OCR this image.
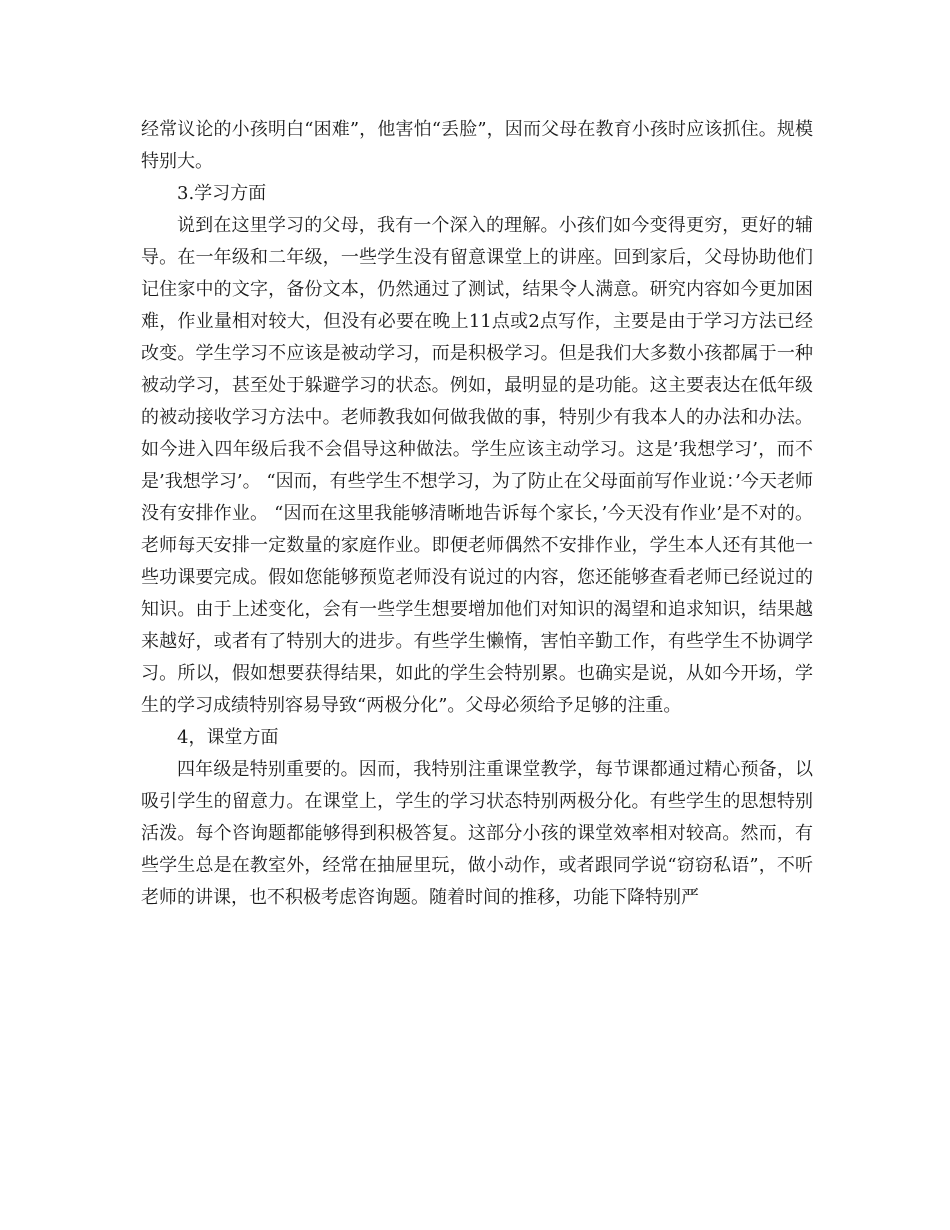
经常议论的小孩明白“困难”，他害怕“丢脸”，因而父母在教育小孩时应该抓住。规模特别大。

3.学习方面

说到在这里学习的父母，我有一个深入的理解。小孩们如今变得更穷，更好的辅导。在一年级和二年级，一些学生没有留意课堂上的讲座。回到家后，父母协助他们记住家中的文字，备份文本，仍然通过了测试，结果令人满意。研究内容如今更加困难，作业量相对较大，但没有必要在晚上11点或2点写作，主要是由于学习方法已经改变。学生学习不应该是被动学习，而是积极学习。但是我们大多数小孩都属于一种被动学习，甚至处于躲避学习的状态。例如，最明显的是功能。这主要表达在低年级的被动接收学习方法中。老师教我如何做我做的事，特别少有我本人的办法和办法。如今进入四年级后我不会倡导这种做法。学生应该主动学习。这是’我想学习’，而不是’我想学习’。 “因而，有些学生不想学习，为了防止在父母面前写作业说：’今天老师没有安排作业。 “因而在这里我能够清晰地告诉每个家长，’今天没有作业’是不对的。老师每天安排一定数量的家庭作业。即便老师偶然不安排作业，学生本人还有其他一些功课要完成。假如您能够预览老师没有说过的内容，您还能够查看老师已经说过的知识。由于上述变化，会有一些学生想要增加他们对知识的渴望和追求知识，结果越来越好，或者有了特别大的进步。有些学生懒惰，害怕辛勤工作，有些学生不协调学习。所以，假如想要获得结果，如此的学生会特别累。也确实是说，从如今开场，学生的学习成绩特别容易导致“两极分化”。父母必须给予足够的注重。

4，课堂方面

四年级是特别重要的。因而，我特别注重课堂教学，每节课都通过精心预备，以吸引学生的留意力。在课堂上，学生的学习状态特别两极分化。有些学生的思想特别活泼。每个咨询题都能够得到积极答复。这部分小孩的课堂效率相对较高。然而，有些学生总是在教室外，经常在抽屉里玩，做小动作，或者跟同学说“窃窃私语”，不听老师的讲课，也不积极考虑咨询题。随着时间的推移，功能下降特别严
